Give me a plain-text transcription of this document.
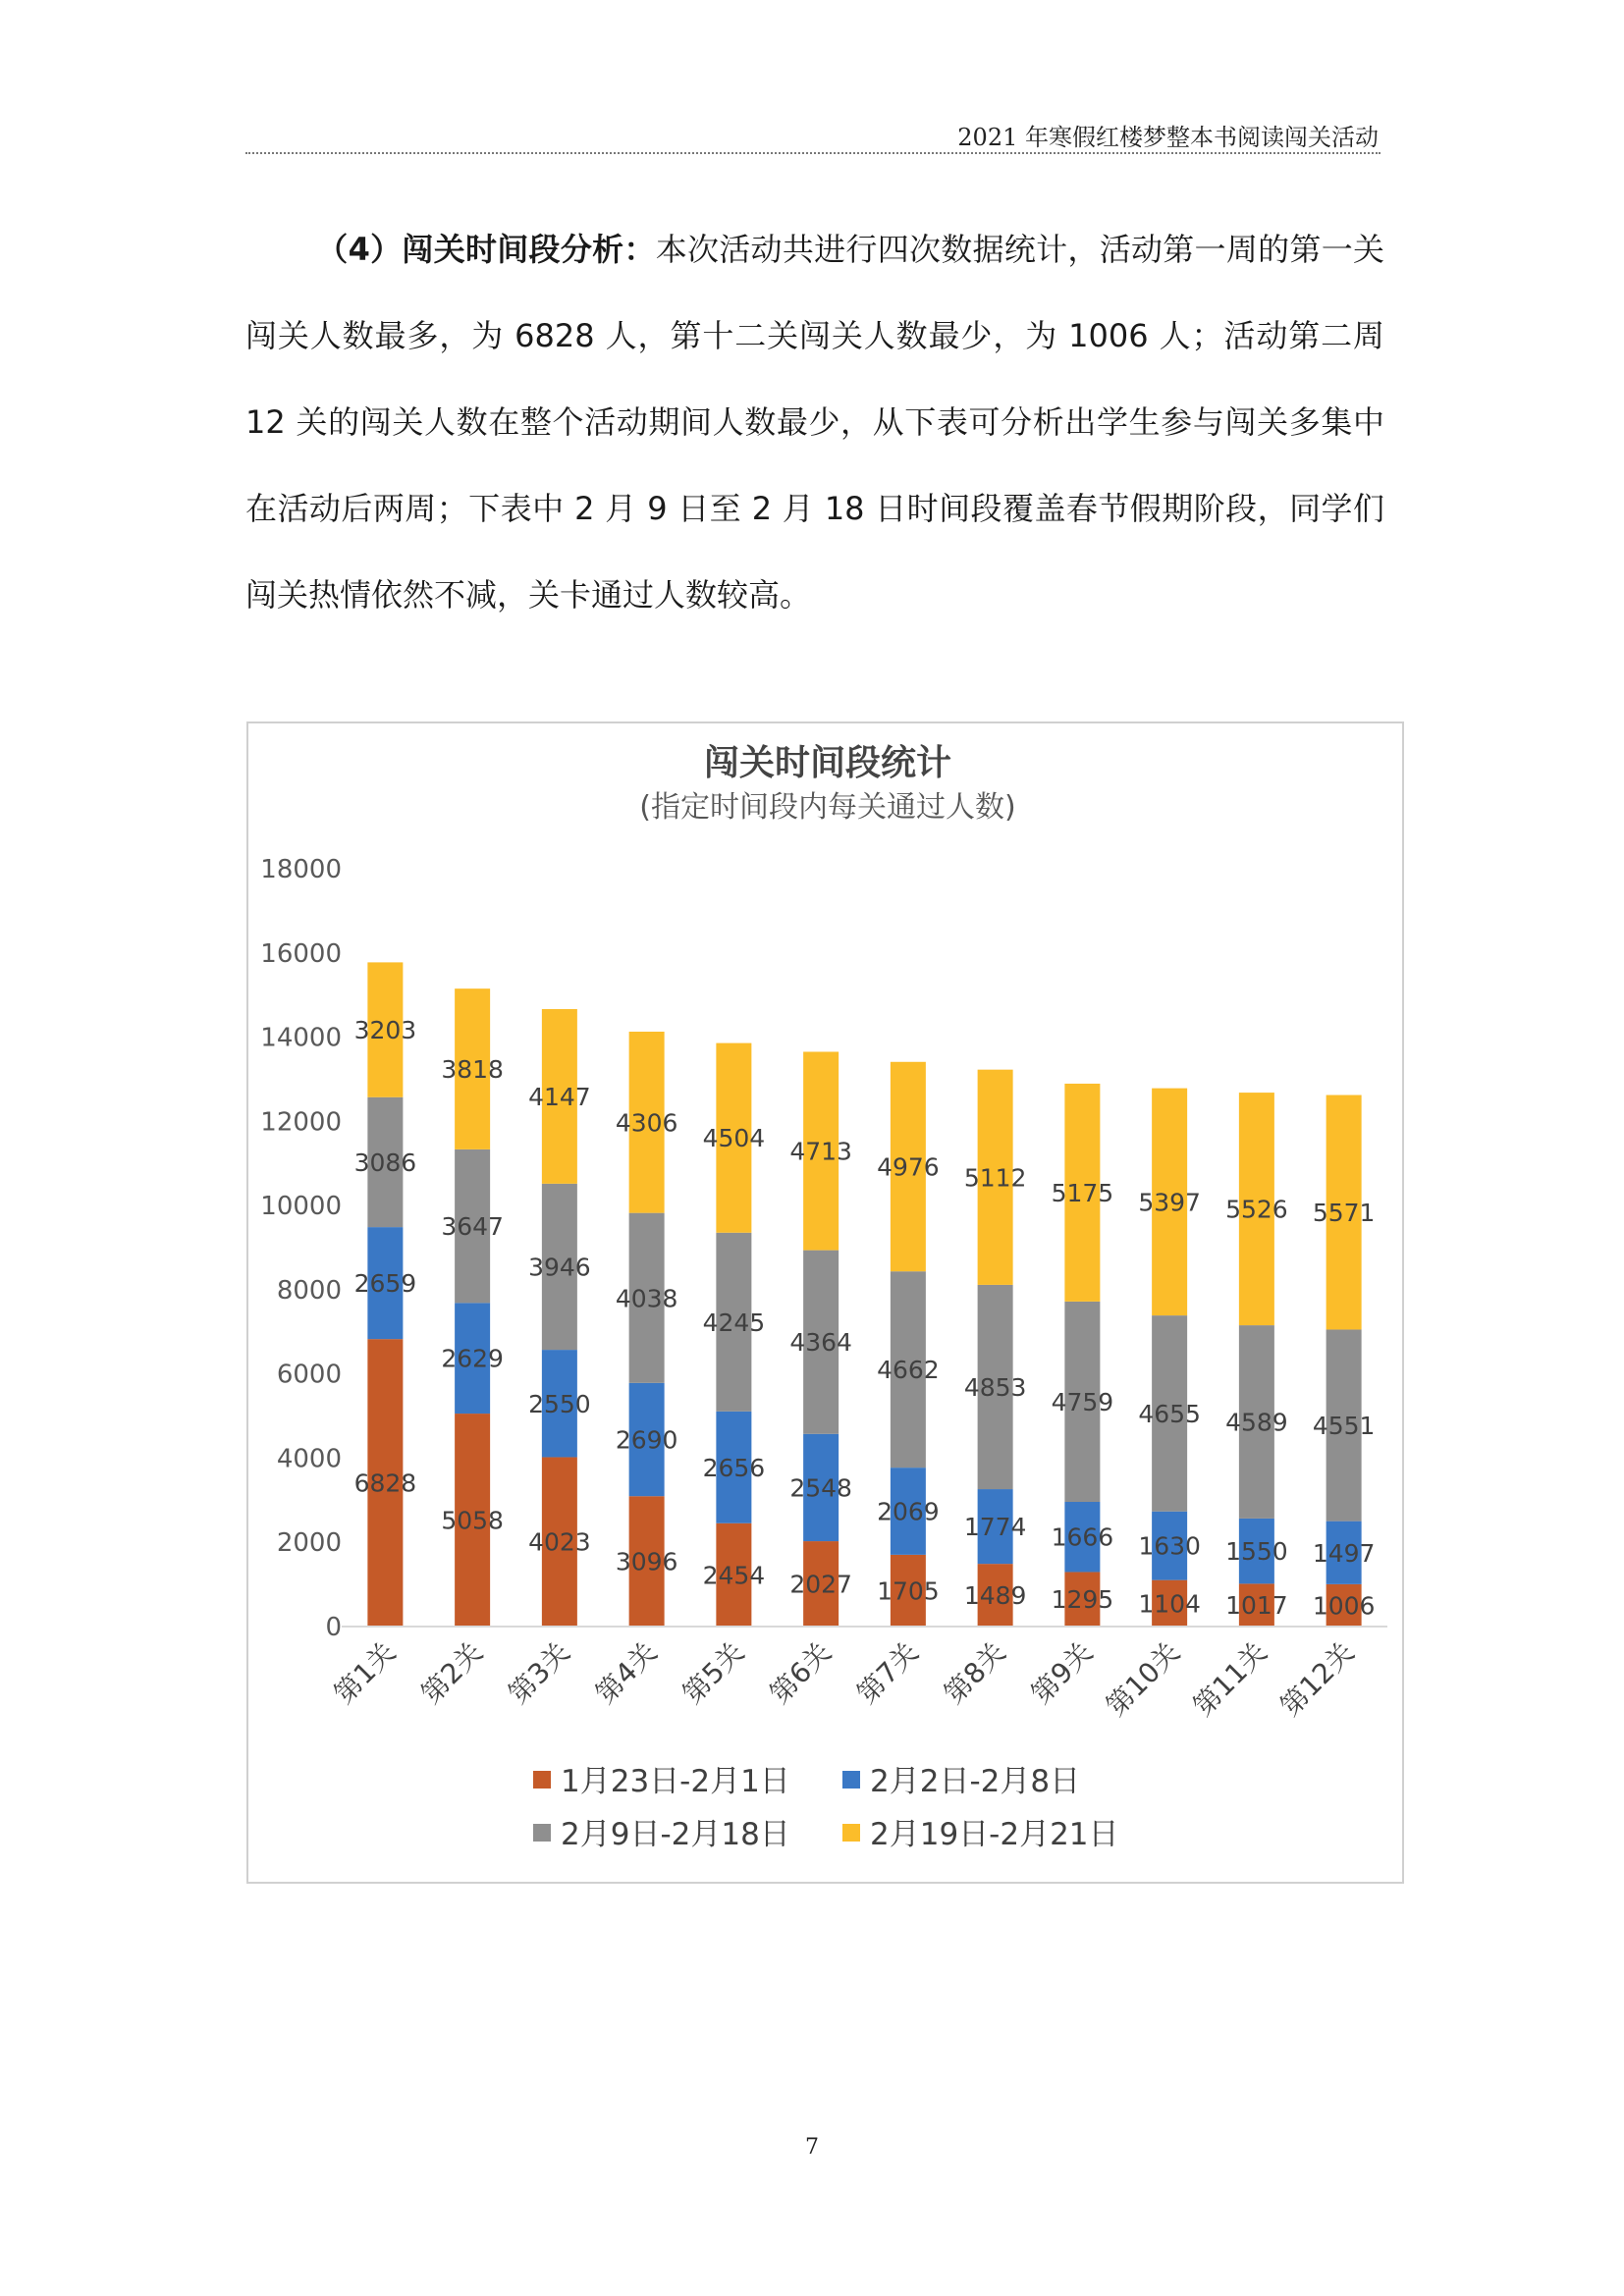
2021 年寒假红楼梦整本书阅读闯关活动

（4）闯关时间段分析：本次活动共进行四次数据统计，活动第一周的第一关闯关人数最多，为 6828 人，第十二关闯关人数最少，为 1006 人；活动第二周 12 关的闯关人数在整个活动期间人数最少，从下表可分析出学生参与闯关多集中在活动后两周；下表中 2 月 9 日至 2 月 18 日时间段覆盖春节假期阶段，同学们闯关热情依然不减，关卡通过人数较高。

闯关时间段统计
(指定时间段内每关通过人数)
0
2000
4000
6000
8000
10000
12000
14000
16000
18000
6828
2659
3086
3203
5058
2629
3647
3818
4023
2550
3946
4147
3096
2690
4038
4306
2454
2656
4245
4504
2027
2548
4364
4713
1705
2069
4662
4976
1489
1774
4853
5112
1295
1666
4759
5175
1104
1630
4655
5397
1017
1550
4589
5526
1006
1497
4551
5571
第1关 第2关 第3关 第4关 第5关 第6关 第7关 第8关 第9关 第10关 第11关 第12关
1月23日-2月1日	2月2日-2月8日
2月9日-2月18日	2月19日-2月21日
7
